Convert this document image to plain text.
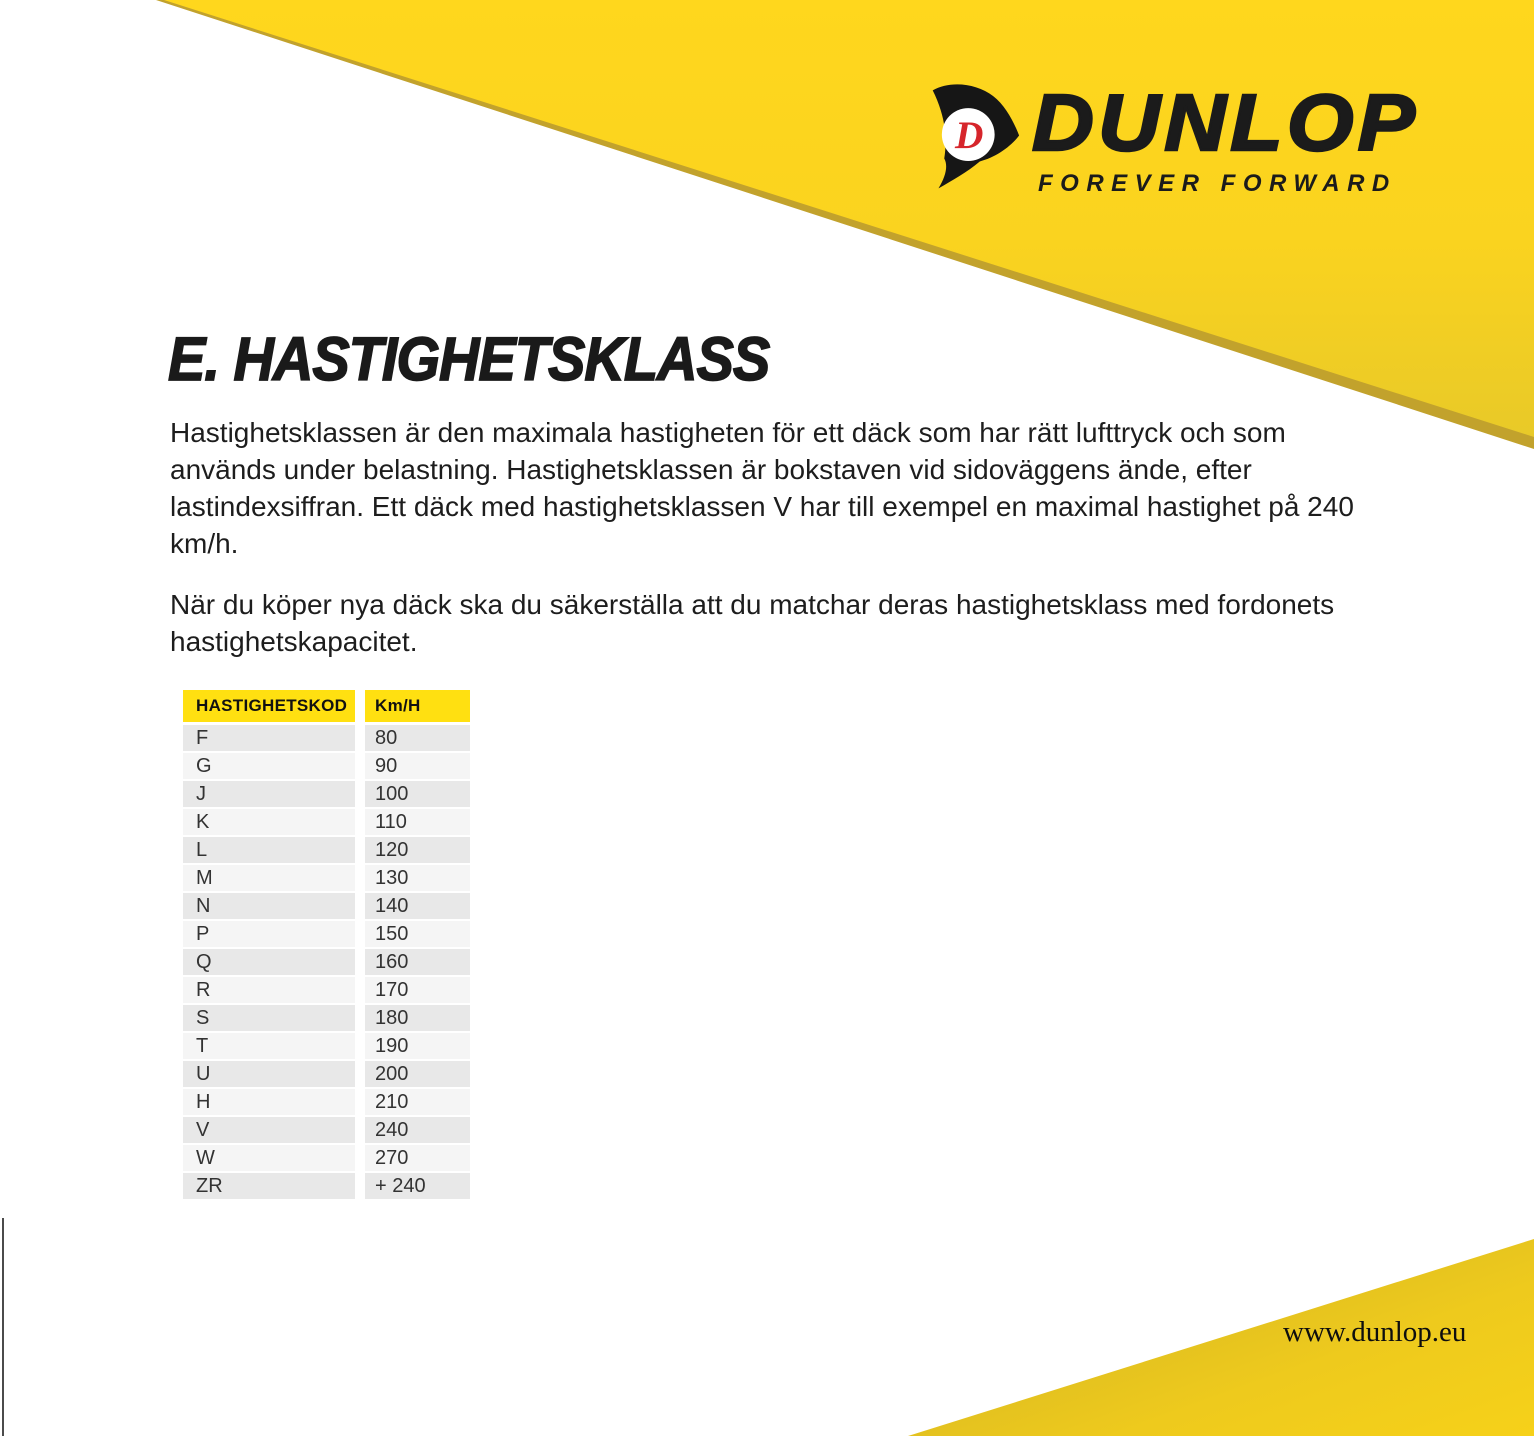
D DUNLOP
FOREVER FORWARD
E. HASTIGHETSKLASS
Hastighetsklassen är den maximala hastigheten för ett däck som har rätt lufttryck och som används under belastning. Hastighetsklassen är bokstaven vid sidoväggens ände, efter lastindexsiffran. Ett däck med hastighetsklassen V har till exempel en maximal hastighet på 240 km/h.
När du köper nya däck ska du säkerställa att du matchar deras hastighetsklass med fordonets hastighetskapacitet.
HASTIGHETSKOD	Km/H
F	80
G	90
J	100
K	110
L	120
M	130
N	140
P	150
Q	160
R	170
S	180
T	190
U	200
H	210
V	240
W	270
ZR	+ 240
www.dunlop.eu
